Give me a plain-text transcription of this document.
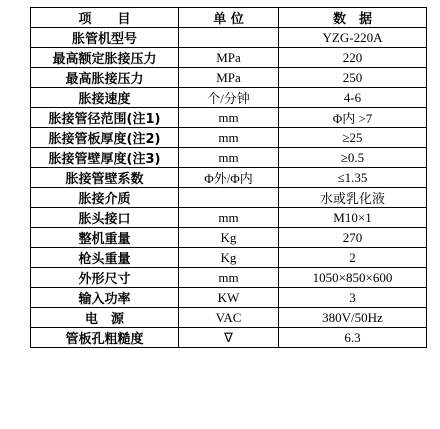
项　　目	单 位	数　据
胀管机型号		YZG-220A
最高额定胀接压力	MPa	220
最高胀接压力	MPa	250
胀接速度	个/分钟	4-6
胀接管径范围(注1)	mm	Φ内 >7
胀接管板厚度(注2)	mm	≥25
胀接管壁厚度(注3)	mm	≥0.5
胀接管壁系数	Φ外/Φ内	≤1.35
胀接介质		水或乳化液
胀头接口	mm	M10×1
整机重量	Kg	270
枪头重量	Kg	2
外形尺寸	mm	1050×850×600
输入功率	KW	3
电　源	VAC	380V/50Hz
管板孔粗糙度	∇	6.3
